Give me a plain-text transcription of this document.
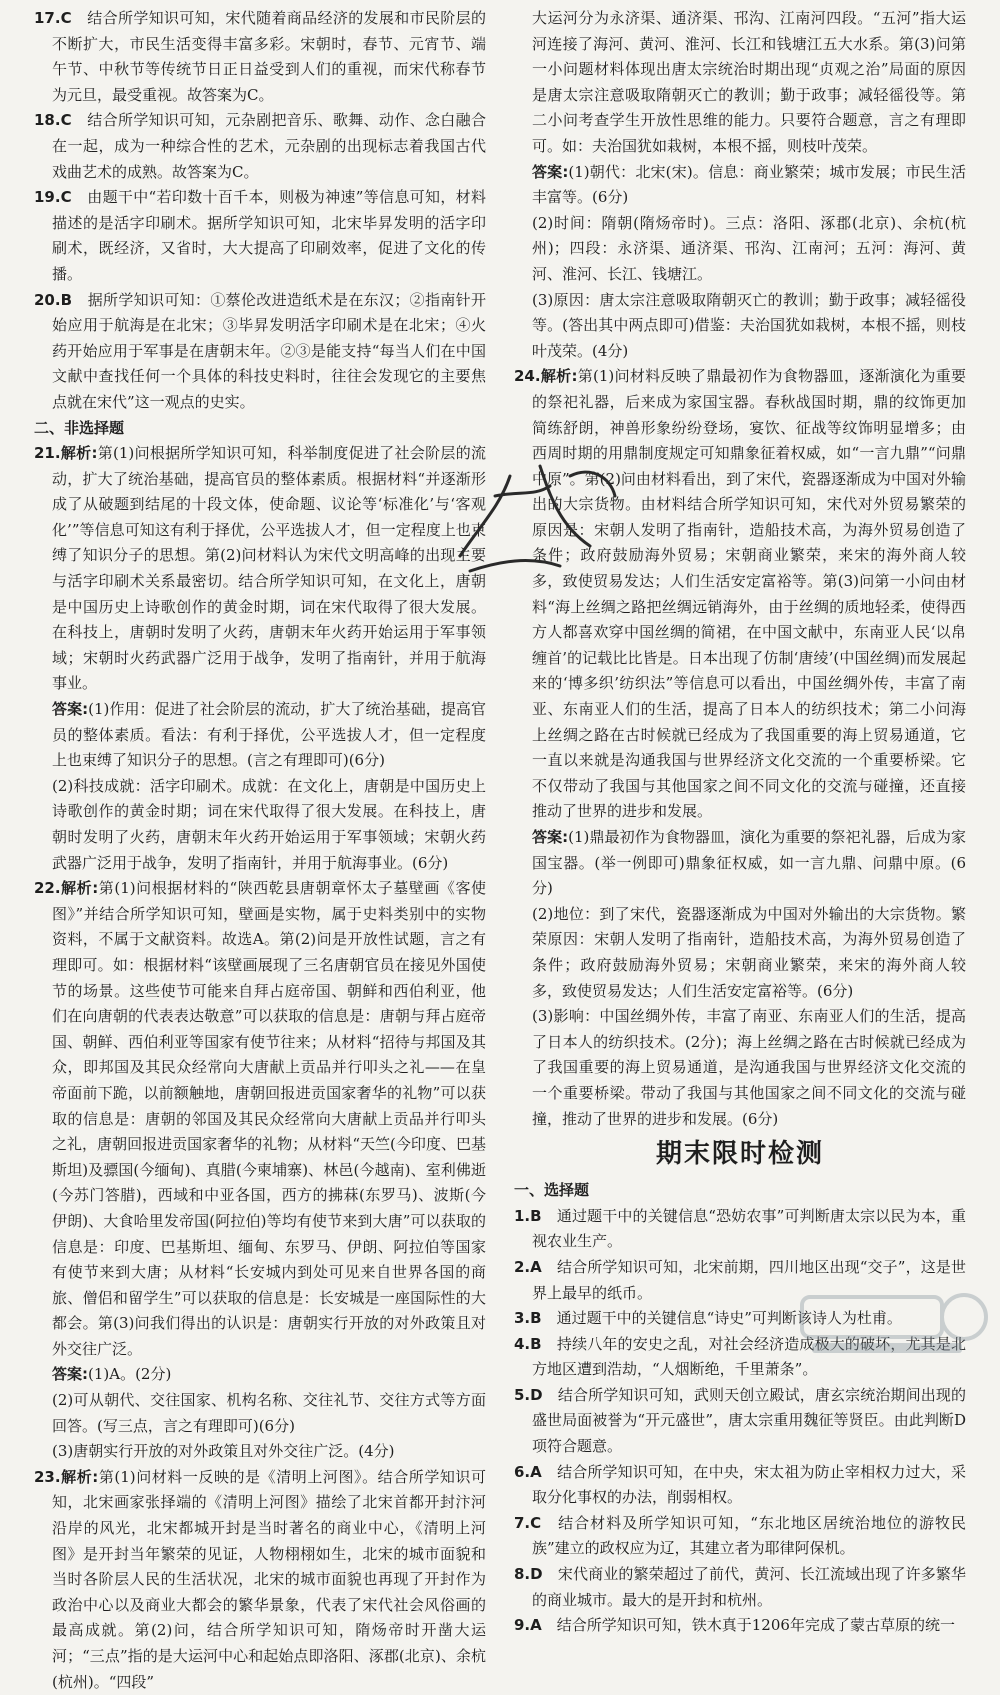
17.C　 结合所学知识可知，宋代随着商品经济的发展和市民阶层的不断扩大，市民生活变得丰富多彩。宋朝时，春节、元宵节、端午节、中秋节等传统节日正日益受到人们的重视，而宋代称春节为元旦，最受重视。故答案为C。

18.C　 结合所学知识可知，元杂剧把音乐、歌舞、动作、念白融合在一起，成为一种综合性的艺术，元杂剧的出现标志着我国古代戏曲艺术的成熟。故答案为C。

19.C　 由题干中“若印数十百千本，则极为神速”等信息可知，材料描述的是活字印刷术。据所学知识可知，北宋毕昇发明的活字印刷术，既经济，又省时，大大提高了印刷效率，促进了文化的传播。

20.B　 据所学知识可知：①蔡伦改进造纸术是在东汉；②指南针开始应用于航海是在北宋；③毕昇发明活字印刷术是在北宋；④火药开始应用于军事是在唐朝末年。②③是能支持“每当人们在中国文献中查找任何一个具体的科技史料时，往往会发现它的主要焦点就在宋代”这一观点的史实。

二、非选择题

21.解析:第(1)问根据所学知识可知，科举制度促进了社会阶层的流动，扩大了统治基础，提高官员的整体素质。根据材料“并逐渐形成了从破题到结尾的十段文体，使命题、议论等‘标准化’与‘客观化’”等信息可知这有利于择优，公平选拔人才，但一定程度上也束缚了知识分子的思想。第(2)问材料认为宋代文明高峰的出现主要与活字印刷术关系最密切。结合所学知识可知，在文化上，唐朝是中国历史上诗歌创作的黄金时期，词在宋代取得了很大发展。在科技上，唐朝时发明了火药，唐朝末年火药开始运用于军事领域；宋朝时火药武器广泛用于战争，发明了指南针，并用于航海事业。

答案:(1)作用：促进了社会阶层的流动，扩大了统治基础，提高官员的整体素质。看法：有利于择优，公平选拔人才，但一定程度上也束缚了知识分子的思想。(言之有理即可)(6分)

(2)科技成就：活字印刷术。成就：在文化上，唐朝是中国历史上诗歌创作的黄金时期；词在宋代取得了很大发展。在科技上，唐朝时发明了火药，唐朝末年火药开始运用于军事领域；宋朝火药武器广泛用于战争，发明了指南针，并用于航海事业。(6分)

22.解析:第(1)问根据材料的“陕西乾县唐朝章怀太子墓壁画《客使图》”并结合所学知识可知，壁画是实物，属于史料类别中的实物资料，不属于文献资料。故选A。第(2)问是开放性试题，言之有理即可。如：根据材料“该壁画展现了三名唐朝官员在接见外国使节的场景。这些使节可能来自拜占庭帝国、朝鲜和西伯利亚，他们在向唐朝的代表表达敬意”可以获取的信息是：唐朝与拜占庭帝国、朝鲜、西伯利亚等国家有使节往来；从材料“招待与邦国及其众，即邦国及其民众经常向大唐献上贡品并行叩头之礼——在皇帝面前下跪，以前额触地，唐朝回报进贡国家奢华的礼物”可以获取的信息是：唐朝的邻国及其民众经常向大唐献上贡品并行叩头之礼，唐朝回报进贡国家奢华的礼物；从材料“天竺(今印度、巴基斯坦)及骠国(今缅甸)、真腊(今柬埔寨)、林邑(今越南)、室利佛逝(今苏门答腊)，西域和中亚各国，西方的拂菻(东罗马)、波斯(今伊朗)、大食哈里发帝国(阿拉伯)等均有使节来到大唐”可以获取的信息是：印度、巴基斯坦、缅甸、东罗马、伊朗、阿拉伯等国家有使节来到大唐；从材料“长安城内到处可见来自世界各国的商旅、僧侣和留学生”可以获取的信息是：长安城是一座国际性的大都会。第(3)问我们得出的认识是：唐朝实行开放的对外政策且对外交往广泛。

答案:(1)A。(2分)

(2)可从朝代、交往国家、机构名称、交往礼节、交往方式等方面回答。(写三点，言之有理即可)(6分)

(3)唐朝实行开放的对外政策且对外交往广泛。(4分)

23.解析:第(1)问材料一反映的是《清明上河图》。结合所学知识可知，北宋画家张择端的《清明上河图》描绘了北宋首都开封汴河沿岸的风光，北宋都城开封是当时著名的商业中心，《清明上河图》是开封当年繁荣的见证，人物栩栩如生，北宋的城市面貌和当时各阶层人民的生活状况，北宋的城市面貌也再现了开封作为政治中心以及商业大都会的繁华景象，代表了宋代社会风俗画的最高成就。第(2)问，结合所学知识可知，隋炀帝时开凿大运河；“三点”指的是大运河中心和起始点即洛阳、涿郡(北京)、余杭(杭州)。“四段”

大运河分为永济渠、通济渠、邗沟、江南河四段。“五河”指大运河连接了海河、黄河、淮河、长江和钱塘江五大水系。第(3)问第一小问题材料体现出唐太宗统治时期出现“贞观之治”局面的原因是唐太宗注意吸取隋朝灭亡的教训；勤于政事；减轻徭役等。第二小问考查学生开放性思维的能力。只要符合题意，言之有理即可。如：夫治国犹如栽树，本根不摇，则枝叶茂荣。

答案:(1)朝代：北宋(宋)。信息：商业繁荣；城市发展；市民生活丰富等。(6分)

(2)时间：隋朝(隋炀帝时)。三点：洛阳、涿郡(北京)、余杭(杭州)；四段：永济渠、通济渠、邗沟、江南河；五河：海河、黄河、淮河、长江、钱塘江。

(3)原因：唐太宗注意吸取隋朝灭亡的教训；勤于政事；减轻徭役等。(答出其中两点即可)借鉴：夫治国犹如栽树，本根不摇，则枝叶茂荣。(4分)

24.解析:第(1)问材料反映了鼎最初作为食物器皿，逐渐演化为重要的祭祀礼器，后来成为家国宝器。春秋战国时期，鼎的纹饰更加简练舒朗，神兽形象纷纷登场，宴饮、征战等纹饰明显增多；由西周时期的用鼎制度规定可知鼎象征着权威，如“一言九鼎”“问鼎中原”。第(2)问由材料看出，到了宋代，瓷器逐渐成为中国对外输出的大宗货物。由材料结合所学知识可知，宋代对外贸易繁荣的原因是：宋朝人发明了指南针，造船技术高，为海外贸易创造了条件；政府鼓励海外贸易；宋朝商业繁荣，来宋的海外商人较多，致使贸易发达；人们生活安定富裕等。第(3)问第一小问由材料“海上丝绸之路把丝绸远销海外，由于丝绸的质地轻柔，使得西方人都喜欢穿中国丝绸的简裙，在中国文献中，东南亚人民‘以帛缠首’的记载比比皆是。日本出现了仿制‘唐绫’(中国丝绸)而发展起来的‘博多织’纺织法”等信息可以看出，中国丝绸外传，丰富了南亚、东南亚人们的生活，提高了日本人的纺织技术；第二小问海上丝绸之路在古时候就已经成为了我国重要的海上贸易通道，它一直以来就是沟通我国与世界经济文化交流的一个重要桥梁。它不仅带动了我国与其他国家之间不同文化的交流与碰撞，还直接推动了世界的进步和发展。

答案:(1)鼎最初作为食物器皿，演化为重要的祭祀礼器，后成为家国宝器。(举一例即可)鼎象征权威，如一言九鼎、问鼎中原。(6分)

(2)地位：到了宋代，瓷器逐渐成为中国对外输出的大宗货物。繁荣原因：宋朝人发明了指南针，造船技术高，为海外贸易创造了条件；政府鼓励海外贸易；宋朝商业繁荣，来宋的海外商人较多，致使贸易发达；人们生活安定富裕等。(6分)

(3)影响：中国丝绸外传，丰富了南亚、东南亚人们的生活，提高了日本人的纺织技术。(2分)；海上丝绸之路在古时候就已经成为了我国重要的海上贸易通道，是沟通我国与世界经济文化交流的一个重要桥梁。带动了我国与其他国家之间不同文化的交流与碰撞，推动了世界的进步和发展。(6分)

期末限时检测

一、选择题

1.B　 通过题干中的关键信息“恐妨农事”可判断唐太宗以民为本，重视农业生产。

2.A　 结合所学知识可知，北宋前期，四川地区出现“交子”，这是世界上最早的纸币。

3.B　 通过题干中的关键信息“诗史”可判断该诗人为杜甫。

4.B　 持续八年的安史之乱，对社会经济造成极大的破坏，尤其是北方地区遭到浩劫，“人烟断绝，千里萧条”。

5.D　 结合所学知识可知，武则天创立殿试，唐玄宗统治期间出现的盛世局面被誉为“开元盛世”，唐太宗重用魏征等贤臣。由此判断D项符合题意。

6.A　 结合所学知识可知，在中央，宋太祖为防止宰相权力过大，采取分化事权的办法，削弱相权。

7.C　 结合材料及所学知识可知，“东北地区居统治地位的游牧民族”建立的政权应为辽，其建立者为耶律阿保机。

8.D　 宋代商业的繁荣超过了前代，黄河、长江流域出现了许多繁华的商业城市。最大的是开封和杭州。

9.A　 结合所学知识可知，铁木真于1206年完成了蒙古草原的统一
